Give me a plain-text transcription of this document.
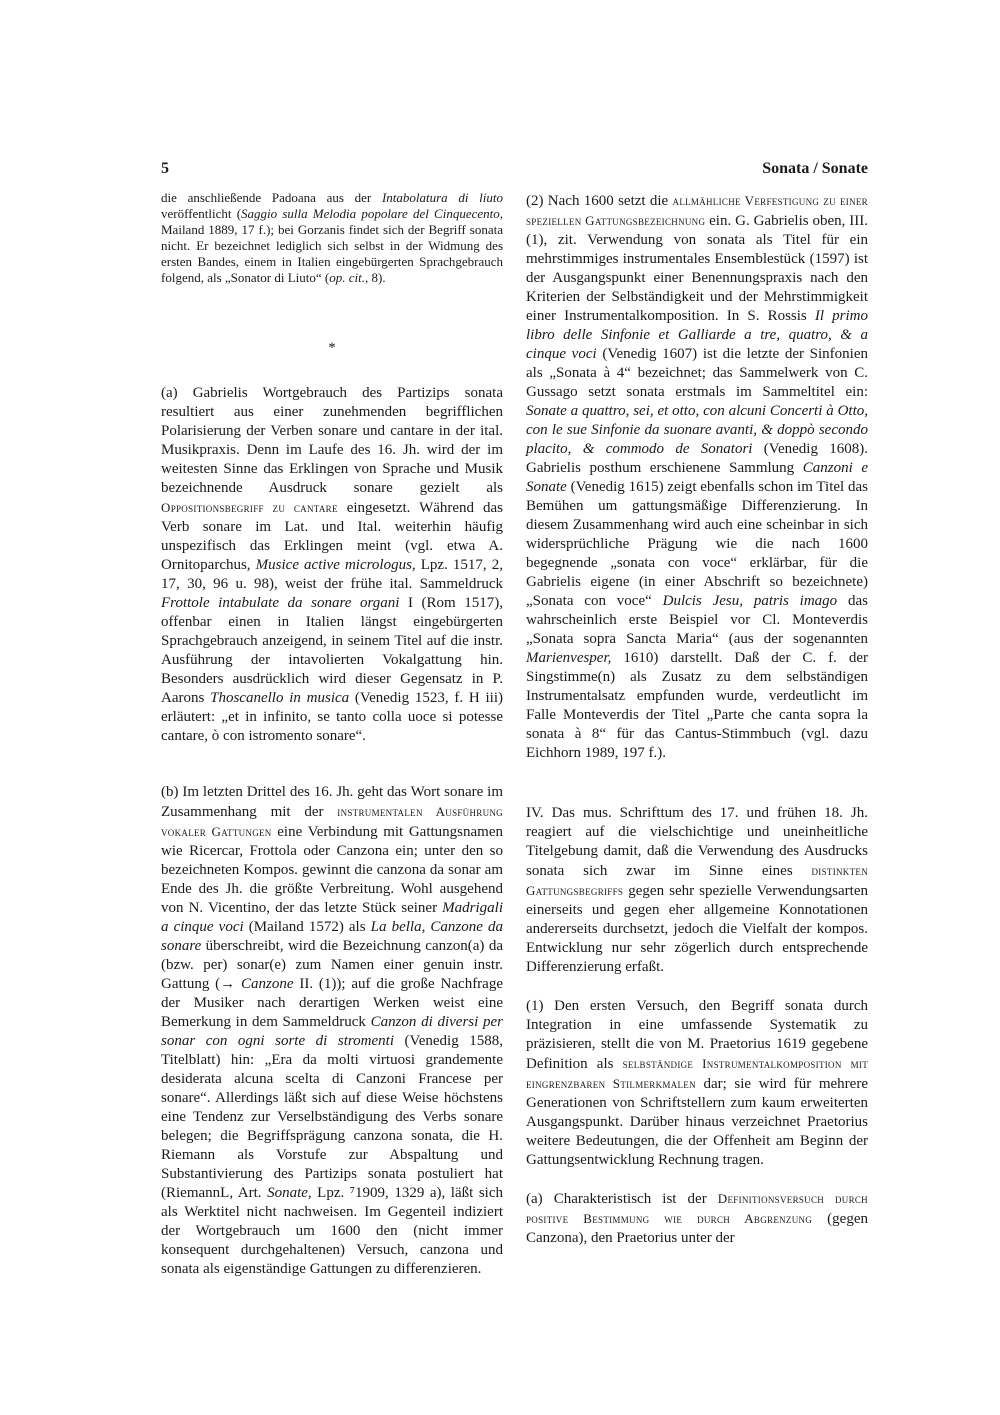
5	Sonata / Sonate

die anschließende Padoana aus der Intabolatura di liuto veröffentlicht (Saggio sulla Melodia popolare del Cinquecento, Mailand 1889, 17 f.); bei Gorzanis findet sich der Begriff sonata nicht. Er bezeichnet lediglich sich selbst in der Widmung des ersten Bandes, einem in Italien eingebürgerten Sprachgebrauch folgend, als „Sonator di Liuto“ (op. cit., 8).

*

(a) Gabrielis Wortgebrauch des Partizips sonata resultiert aus einer zunehmenden begrifflichen Polarisierung der Verben sonare und cantare in der ital. Musikpraxis. Denn im Laufe des 16. Jh. wird der im weitesten Sinne das Erklingen von Sprache und Musik bezeichnende Ausdruck sonare gezielt als Oppositionsbegriff zu cantare eingesetzt. Während das Verb sonare im Lat. und Ital. weiterhin häufig unspezifisch das Erklingen meint (vgl. etwa A. Ornitoparchus, Musice active micrologus, Lpz. 1517, 2, 17, 30, 96 u. 98), weist der frühe ital. Sammeldruck Frottole intabulate da sonare organi I (Rom 1517), offenbar einen in Italien längst eingebürgerten Sprachgebrauch anzeigend, in seinem Titel auf die instr. Ausführung der intavolierten Vokalgattung hin. Besonders ausdrücklich wird dieser Gegensatz in P. Aarons Thoscanello in musica (Venedig 1523, f. H iii) erläutert: „et in infinito, se tanto colla uoce si potesse cantare, ò con istromento sonare“.

(b) Im letzten Drittel des 16. Jh. geht das Wort sonare im Zusammenhang mit der instrumentalen Ausführung vokaler Gattungen eine Verbindung mit Gattungsnamen wie Ricercar, Frottola oder Canzona ein; unter den so bezeichneten Kompos. gewinnt die canzona da sonar am Ende des Jh. die größte Verbreitung. Wohl ausgehend von N. Vicentino, der das letzte Stück seiner Madrigali a cinque voci (Mailand 1572) als La bella, Canzone da sonare überschreibt, wird die Bezeichnung canzon(a) da (bzw. per) sonar(e) zum Namen einer genuin instr. Gattung (→ Canzone II. (1)); auf die große Nachfrage der Musiker nach derartigen Werken weist eine Bemerkung in dem Sammeldruck Canzon di diversi per sonar con ogni sorte di stromenti (Venedig 1588, Titelblatt) hin: „Era da molti virtuosi grandemente desiderata alcuna scelta di Canzoni Francese per sonare“. Allerdings läßt sich auf diese Weise höchstens eine Tendenz zur Verselbständigung des Verbs sonare belegen; die Begriffsprägung canzona sonata, die H. Riemann als Vorstufe zur Abspaltung und Substantivierung des Partizips sonata postuliert hat (RiemannL, Art. Sonate, Lpz. ⁷1909, 1329 a), läßt sich als Werktitel nicht nachweisen. Im Gegenteil indiziert der Wortgebrauch um 1600 den (nicht immer konsequent durchgehaltenen) Versuch, canzona und sonata als eigenständige Gattungen zu differenzieren.

(2) Nach 1600 setzt die allmähliche Verfestigung zu einer speziellen Gattungsbezeichnung ein. G. Gabrielis oben, III. (1), zit. Verwendung von sonata als Titel für ein mehrstimmiges instrumentales Ensemblestück (1597) ist der Ausgangspunkt einer Benennungspraxis nach den Kriterien der Selbständigkeit und der Mehrstimmigkeit einer Instrumentalkomposition. In S. Rossis Il primo libro delle Sinfonie et Galliarde a tre, quatro, & a cinque voci (Venedig 1607) ist die letzte der Sinfonien als „Sonata à 4“ bezeichnet; das Sammelwerk von C. Gussago setzt sonata erstmals im Sammeltitel ein: Sonate a quattro, sei, et otto, con alcuni Concerti à Otto, con le sue Sinfonie da suonare avanti, & doppò secondo placito, & commodo de Sonatori (Venedig 1608). Gabrielis posthum erschienene Sammlung Canzoni e Sonate (Venedig 1615) zeigt ebenfalls schon im Titel das Bemühen um gattungsmäßige Differenzierung. In diesem Zusammenhang wird auch eine scheinbar in sich widersprüchliche Prägung wie die nach 1600 begegnende „sonata con voce“ erklärbar, für die Gabrielis eigene (in einer Abschrift so bezeichnete) „Sonata con voce“ Dulcis Jesu, patris imago das wahrscheinlich erste Beispiel vor Cl. Monteverdis „Sonata sopra Sancta Maria“ (aus der sogenannten Marienvesper, 1610) darstellt. Daß der C. f. der Singstimme(n) als Zusatz zu dem selbständigen Instrumentalsatz empfunden wurde, verdeutlicht im Falle Monteverdis der Titel „Parte che canta sopra la sonata à 8“ für das Cantus-Stimmbuch (vgl. dazu Eichhorn 1989, 197 f.).

IV. Das mus. Schrifttum des 17. und frühen 18. Jh. reagiert auf die vielschichtige und uneinheitliche Titelgebung damit, daß die Verwendung des Ausdrucks sonata sich zwar im Sinne eines distinkten Gattungsbegriffs gegen sehr spezielle Verwendungsarten einerseits und gegen eher allgemeine Konnotationen andererseits durchsetzt, jedoch die Vielfalt der kompos. Entwicklung nur sehr zögerlich durch entsprechende Differenzierung erfaßt.

(1) Den ersten Versuch, den Begriff sonata durch Integration in eine umfassende Systematik zu präzisieren, stellt die von M. Praetorius 1619 gegebene Definition als selbständige Instrumentalkomposition mit eingrenzbaren Stilmerkmalen dar; sie wird für mehrere Generationen von Schriftstellern zum kaum erweiterten Ausgangspunkt. Darüber hinaus verzeichnet Praetorius weitere Bedeutungen, die der Offenheit am Beginn der Gattungsentwicklung Rechnung tragen.

(a) Charakteristisch ist der Definitionsversuch durch positive Bestimmung wie durch Abgrenzung (gegen Canzona), den Praetorius unter der
